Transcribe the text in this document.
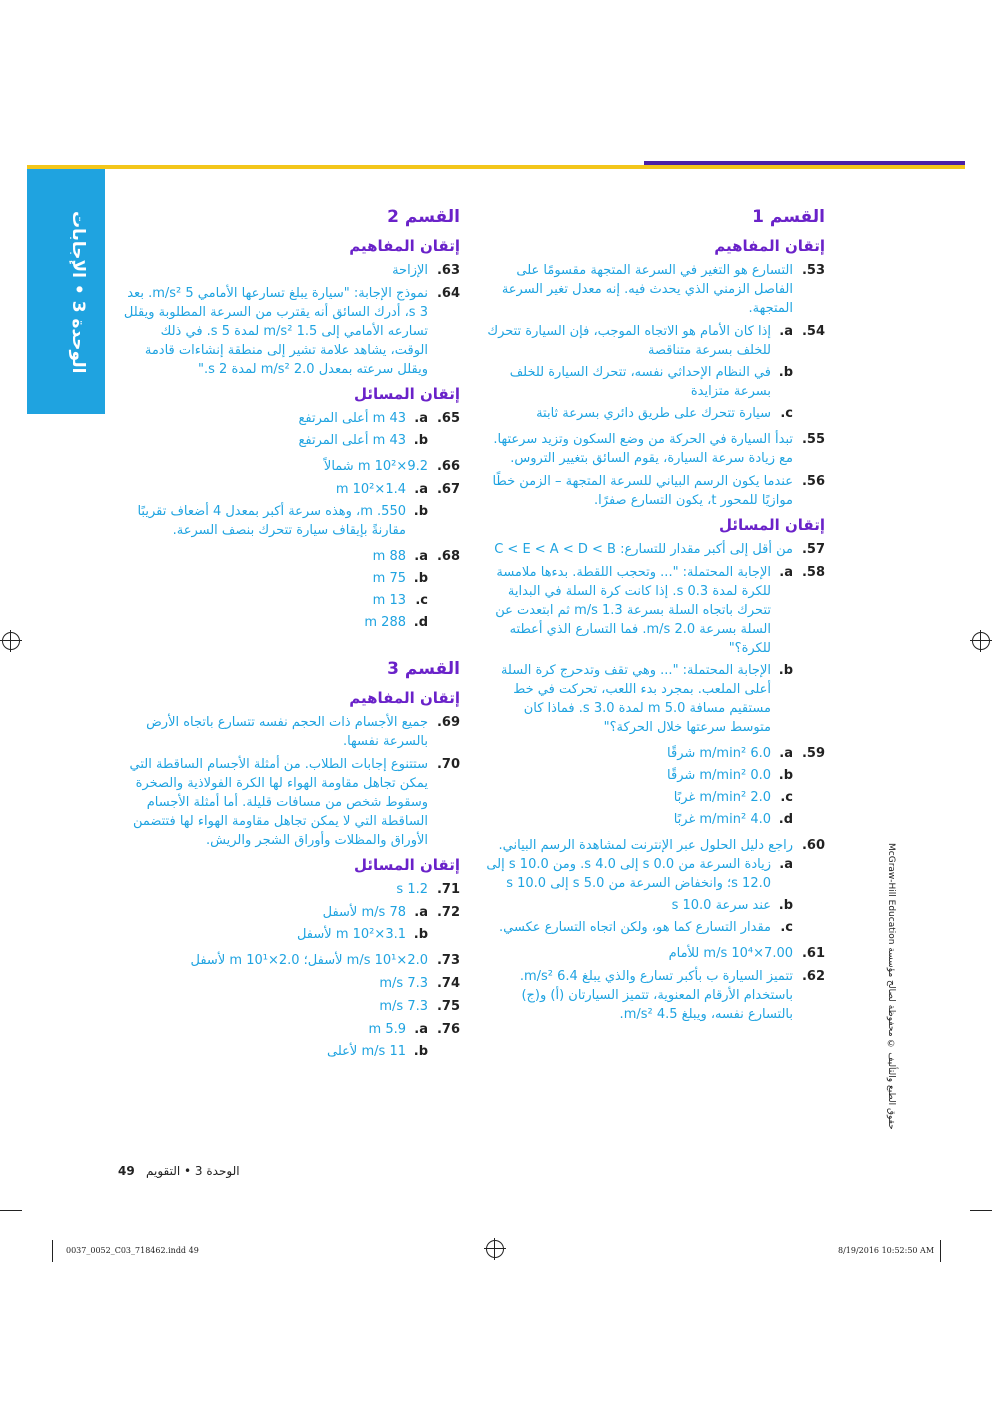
الوحدة 3 • الإجابات
القسم 1
إتقان المفاهيم
53.
التسارع هو التغير في السرعة المتجهة مقسومًا على الفاصل الزمني الذي يحدث فيه. إنه معدل تغير السرعة المتجهة.
54.
a.
إذا كان الأمام هو الاتجاه الموجب، فإن السيارة تتحرك للخلف بسرعة متناقصة
b.
في النظام الإحداثي نفسه، تتحرك السيارة للخلف بسرعة متزايدة
c.
سيارة تتحرك على طريق دائري بسرعة ثابتة
55.
تبدأ السيارة في الحركة من وضع السكون وتزيد سرعتها. مع زيادة سرعة السيارة، يقوم السائق بتغيير التروس.
56.
عندما يكون الرسم البياني للسرعة المتجهة – الزمن خطًا موازيًا للمحور t، يكون التسارع صفرًا.
إتقان المسائل
57.
من أقل إلى أكبر مقدار للتسارع: C < E < A < D < B
58.
a.
الإجابة المحتملة: "... وتحجب اللقطة. بدءها ملامسة للكرة لمدة 0.3 s. إذا كانت كرة السلة في البداية تتحرك باتجاه السلة بسرعة 1.3 m/s ثم ابتعدت عن السلة بسرعة 2.0 m/s. فما التسارع الذي أعطته للكرة؟"
b.
الإجابة المحتملة: "... وهي تقف وتدحرج كرة السلة أعلى الملعب. بمجرد بدء اللعب، تحركت في خط مستقيم مسافة 5.0 m لمدة 3.0 s. فماذا كان متوسط سرعتها خلال الحركة؟"
59.
a.
6.0 m/min² شرقًا
b.
0.0 m/min² شرقًا
c.
2.0 m/min² غربًا
d.
4.0 m/min² غربًا
60.
راجع دليل الحلول عبر الإنترنت لمشاهدة الرسم البياني.
a.
زيادة السرعة من 0.0 s إلى 4.0 s. ومن 10.0 s إلى 12.0 s؛ وانخفاض السرعة من 5.0 s إلى 10.0 s
b.
عند سرعة 10.0 s
c.
مقدار التسارع كما هو، ولكن اتجاه التسارع عكسي.
61.
7.00×10⁴ m/s للأمام
62.
تتميز السيارة ب بأكبر تسارع والذي يبلغ 6.4 m/s². باستخدام الأرقام المعنوية، تتميز السيارتان (أ) و(ج) بالتسارع نفسه، ويبلغ 4.5 m/s².
القسم 2
إتقان المفاهيم
63.
الإزاحة
64.
نموذج الإجابة: "سيارة يبلغ تسارعها الأمامي 5 m/s². بعد 3 s، أدرك السائق أنه يقترب من السرعة المطلوبة ويقلل تسارعه الأمامي إلى 1.5 m/s² لمدة 5 s. في ذلك الوقت، يشاهد علامة تشير إلى منطقة إنشاءات قادمة ويقلل سرعته بمعدل 2.0 m/s² لمدة 2 s."
إتقان المسائل
65.
a.
43 m أعلى المرتفع
b.
43 m أعلى المرتفع
66.
9.2×10² m شمالاً
67.
a.
1.4×10² m
b.
550. m، وهذه سرعة أكبر بمعدل 4 أضعاف تقريبًا مقارنةً بإيقاف سيارة تتحرك بنصف السرعة.
68.
a.
88 m
b.
75 m
c.
13 m
d.
288 m
القسم 3
إتقان المفاهيم
69.
جميع الأجسام ذات الحجم نفسه تتسارع باتجاه الأرض بالسرعة نفسها.
70.
ستتنوع إجابات الطلاب. من أمثلة الأجسام الساقطة التي يمكن تجاهل مقاومة الهواء لها الكرة الفولاذية والصخرة وسقوط شخص من مسافات قليلة. أما أمثلة الأجسام الساقطة التي لا يمكن تجاهل مقاومة الهواء لها فتتضمن الأوراق والمظلات وأوراق الشجر والريش.
إتقان المسائل
71.
1.2 s
72.
a.
78 m/s لأسفل
b.
3.1×10² m لأسفل
73.
2.0×10¹ m/s لأسفل؛ 2.0×10¹ m لأسفل
74.
7.3 m/s
75.
7.3 m/s
76.
a.
5.9 m
b.
11 m/s لأعلى
حقوق الطبع والتأليف © محفوظة لصالح مؤسسة McGraw-Hill Education
49 الوحدة 3 • التقويم
0037_0052_C03_718462.indd 49	8/19/2016 10:52:50 AM
